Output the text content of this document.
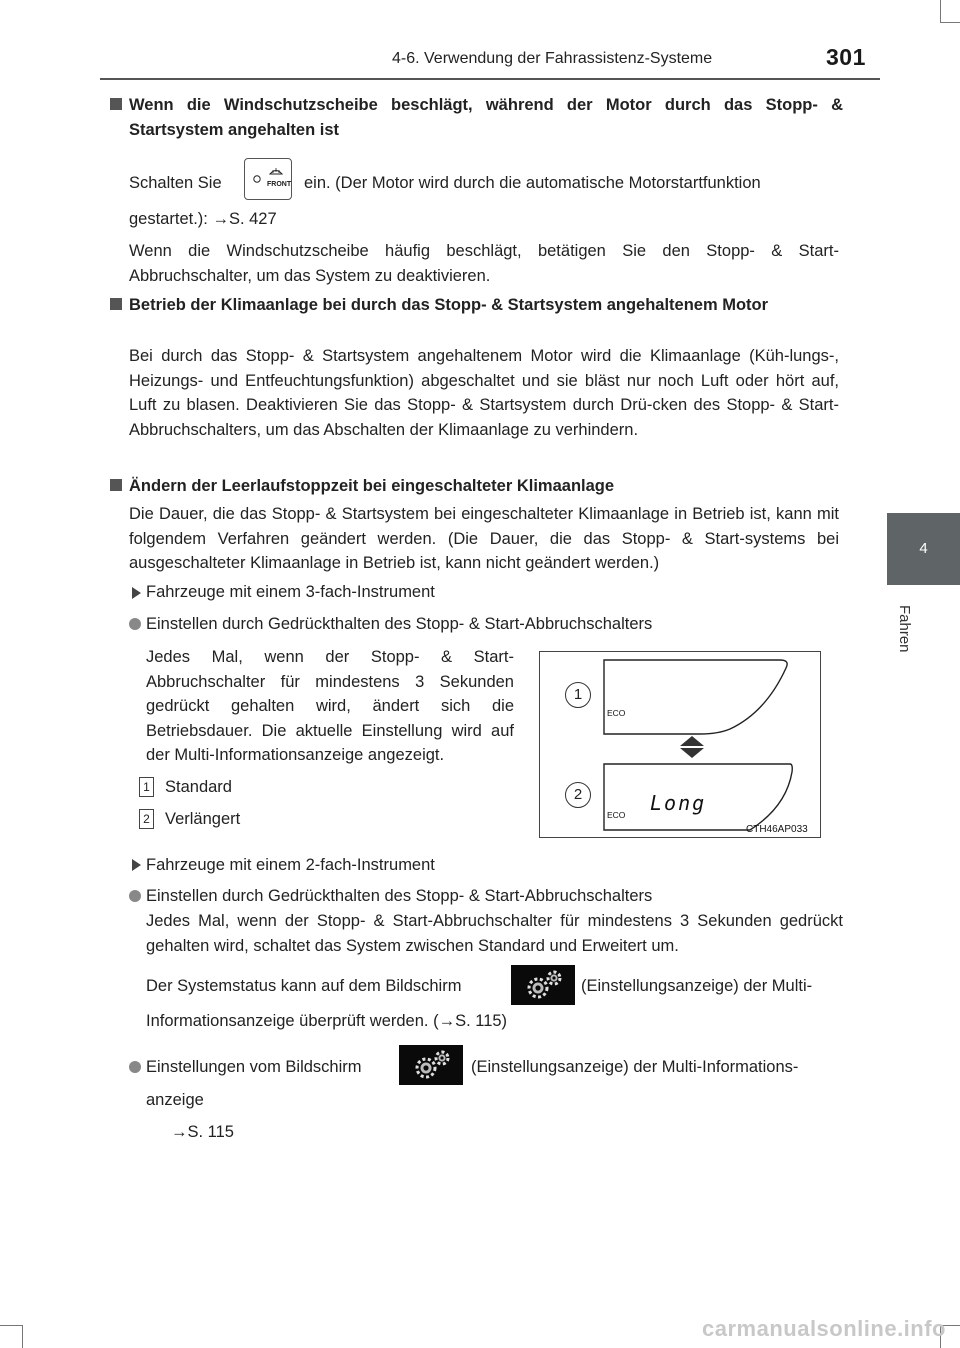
4-6. Verwendung der Fahrassistenz-Systeme	301
4
Fahren
Wenn die Windschutzscheibe beschlägt, während der Motor durch das Stopp- & Startsystem angehalten ist
Schalten Sie	FRONT ein. (Der Motor wird durch die automatische Motorstartfunktion
gestartet.): →S. 427
Wenn die Windschutzscheibe häufig beschlägt, betätigen Sie den Stopp- & Start-Abbruchschalter, um das System zu deaktivieren.
Betrieb der Klimaanlage bei durch das Stopp- & Startsystem angehaltenem Motor
Bei durch das Stopp- & Startsystem angehaltenem Motor wird die Klimaanlage (Küh-lungs-, Heizungs- und Entfeuchtungsfunktion) abgeschaltet und sie bläst nur noch Luft oder hört auf, Luft zu blasen. Deaktivieren Sie das Stopp- & Startsystem durch Drü-cken des Stopp- & Start-Abbruchschalters, um das Abschalten der Klimaanlage zu verhindern.
Ändern der Leerlaufstoppzeit bei eingeschalteter Klimaanlage
Die Dauer, die das Stopp- & Startsystem bei eingeschalteter Klimaanlage in Betrieb ist, kann mit folgendem Verfahren geändert werden. (Die Dauer, die das Stopp- & Start-systems bei ausgeschalteter Klimaanlage in Betrieb ist, kann nicht geändert werden.)
Fahrzeuge mit einem 3-fach-Instrument
Einstellen durch Gedrückthalten des Stopp- & Start-Abbruchschalters
Jedes Mal, wenn der Stopp- & Start-Abbruchschalter für mindestens 3 Sekunden gedrückt gehalten wird, ändert sich die Betriebsdauer. Die aktuelle Einstellung wird auf der Multi-Informationsanzeige angezeigt.
1 Standard
2 Verlängert
1
2
ECO
ECO Long
CTH46AP033
Fahrzeuge mit einem 2-fach-Instrument
Einstellen durch Gedrückthalten des Stopp- & Start-Abbruchschalters
Jedes Mal, wenn der Stopp- & Start-Abbruchschalter für mindestens 3 Sekunden gedrückt gehalten wird, schaltet das System zwischen Standard und Erweitert um.
Der Systemstatus kann auf dem Bildschirm	(Einstellungsanzeige) der Multi-
Informationsanzeige überprüft werden. (→S. 115)
Einstellungen vom Bildschirm	(Einstellungsanzeige) der Multi-Informations-
anzeige
→S. 115
carmanualsonline.info
